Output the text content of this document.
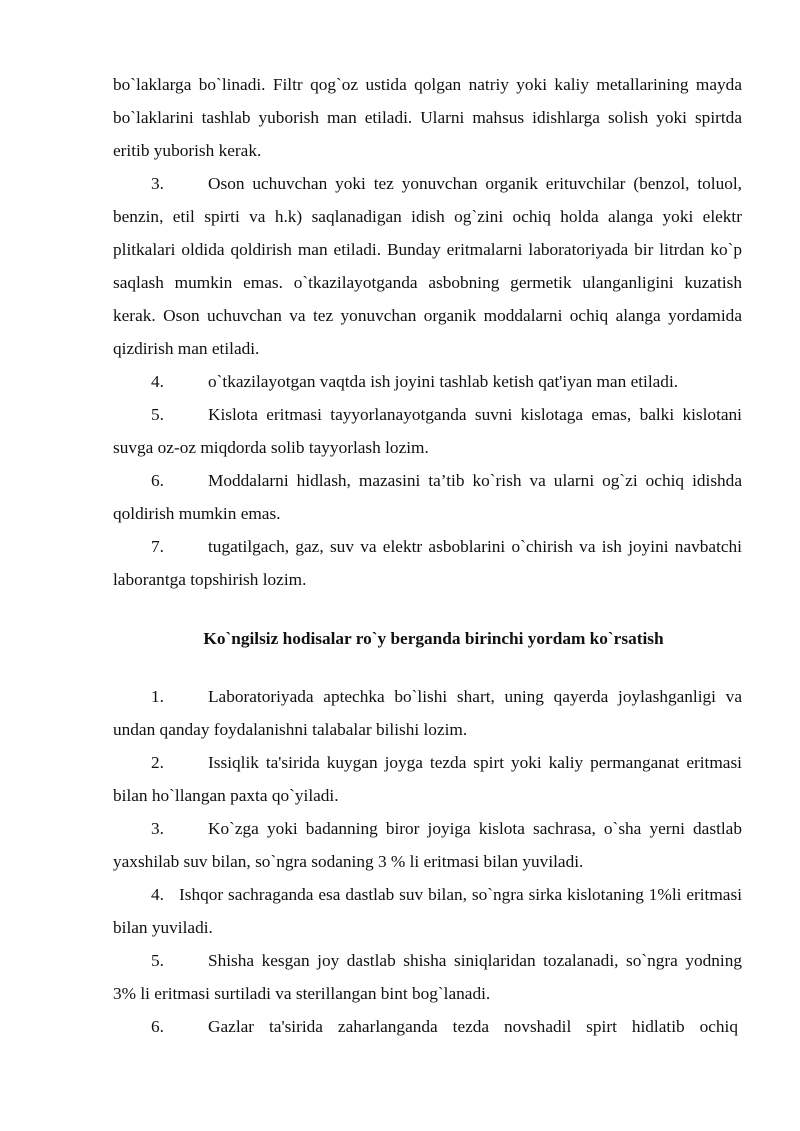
bo`laklarga bo`linadi. Filtr qog`oz ustida qolgan natriy yoki kaliy metallarining mayda bo`laklarini tashlab yuborish man etiladi. Ularni mahsus idishlarga solish yoki spirtda eritib yuborish kerak.

3.	Oson uchuvchan yoki tez yonuvchan organik erituvchilar (benzol, toluol, benzin, etil spirti va h.k) saqlanadigan idish og`zini ochiq holda alanga yoki elektr plitkalari oldida qoldirish man etiladi. Bunday eritmalarni laboratoriyada bir litrdan ko`p saqlash mumkin emas. o`tkazilayotganda asbobning germetik ulanganligini kuzatish kerak. Oson uchuvchan va tez yonuvchan organik moddalarni ochiq alanga yordamida qizdirish man etiladi.

4.	o`tkazilayotgan vaqtda ish joyini tashlab ketish qat'iyan man etiladi.

5.	Kislota eritmasi tayyorlanayotganda suvni kislotaga emas, balki kislotani suvga oz-oz miqdorda solib tayyorlash lozim.

6.	Moddalarni hidlash, mazasini ta’tib ko`rish va ularni og`zi ochiq idishda qoldirish mumkin emas.

7.	tugatilgach, gaz, suv va elektr asboblarini o`chirish va ish joyini navbatchi laborantga topshirish lozim.

Ko`ngilsiz hodisalar ro`y berganda birinchi yordam ko`rsatish

1.	Laboratoriyada aptechka bo`lishi shart, uning qayerda joylashganligi va undan qanday foydalanishni talabalar bilishi lozim.

2.	Issiqlik ta'sirida kuygan joyga tezda spirt yoki kaliy permanganat eritmasi bilan ho`llangan paxta qo`yiladi.

3.	Ko`zga yoki badanning biror joyiga kislota sachrasa, o`sha yerni dastlab yaxshilab suv bilan, so`ngra sodaning 3 % li eritmasi bilan yuviladi.

4. Ishqor sachraganda esa dastlab suv bilan, so`ngra sirka kislotaning 1%li eritmasi bilan yuviladi.

5.	Shisha kesgan joy dastlab shisha siniqlaridan tozalanadi, so`ngra yodning 3% li eritmasi surtiladi va sterillangan bint bog`lanadi.

6.	Gazlar ta'sirida zaharlanganda tezda novshadil spirt hidlatib ochiq
